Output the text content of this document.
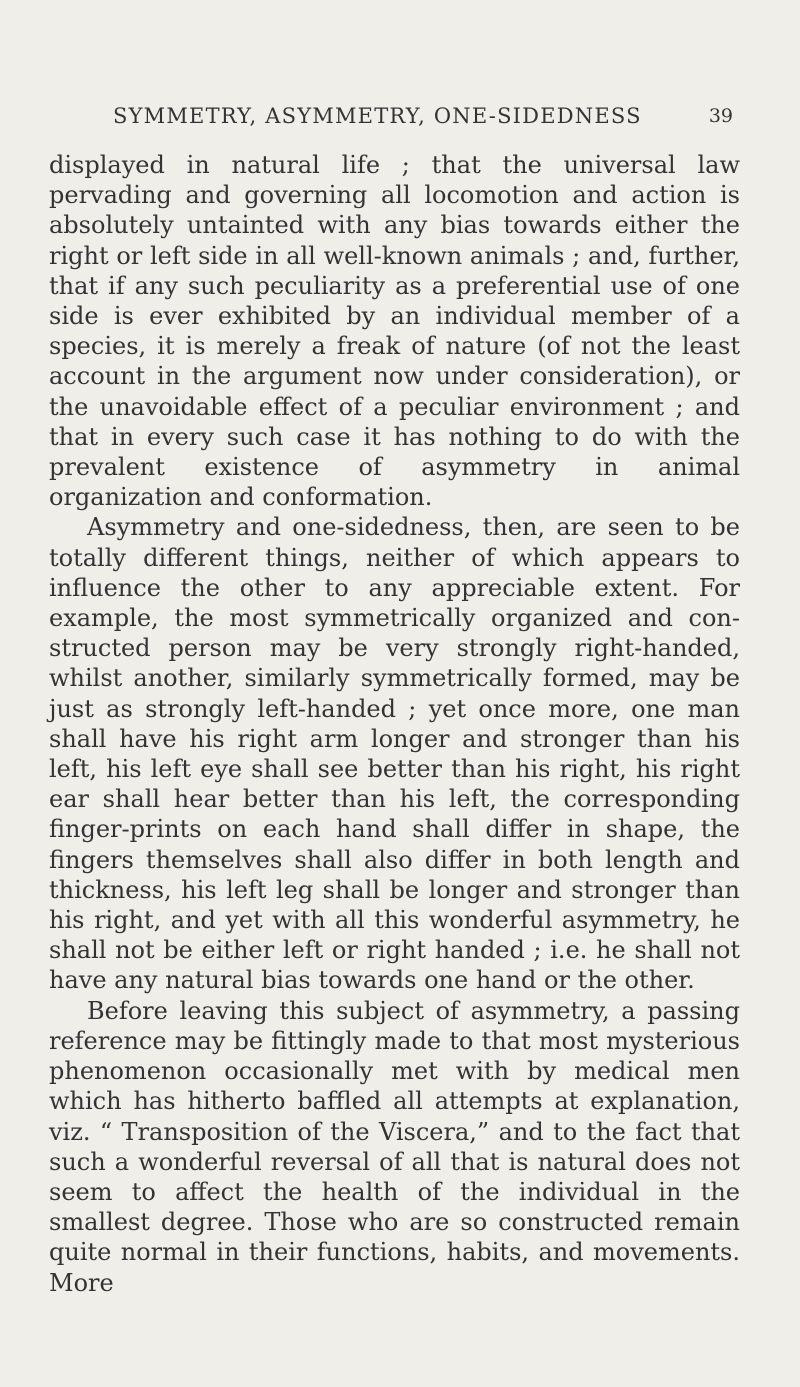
SYMMETRY, ASYMMETRY, ONE-SIDEDNESS	39

displayed in natural life ; that the universal law pervading and governing all locomotion and action is absolutely untainted with any bias towards either the right or left side in all well-known animals ; and, further, that if any such peculiarity as a preferential use of one side is ever exhibited by an individual member of a species, it is merely a freak of nature (of not the least account in the argument now under consideration), or the unavoidable effect of a peculiar environment ; and that in every such case it has nothing to do with the prevalent existence of asymmetry in animal organization and conformation.

Asymmetry and one-sidedness, then, are seen to be totally different things, neither of which appears to influence the other to any appreciable extent. For example, the most symmetrically organized and con- structed person may be very strongly right-handed, whilst another, similarly symmetrically formed, may be just as strongly left-handed ; yet once more, one man shall have his right arm longer and stronger than his left, his left eye shall see better than his right, his right ear shall hear better than his left, the corresponding finger-prints on each hand shall differ in shape, the fingers themselves shall also differ in both length and thickness, his left leg shall be longer and stronger than his right, and yet with all this wonderful asymmetry, he shall not be either left or right handed ; i.e. he shall not have any natural bias towards one hand or the other.

Before leaving this subject of asymmetry, a passing reference may be fittingly made to that most mysterious phenomenon occasionally met with by medical men which has hitherto baffled all attempts at explanation, viz. “ Transposition of the Viscera,” and to the fact that such a wonderful reversal of all that is natural does not seem to affect the health of the individual in the smallest degree. Those who are so constructed remain quite normal in their functions, habits, and movements. More
